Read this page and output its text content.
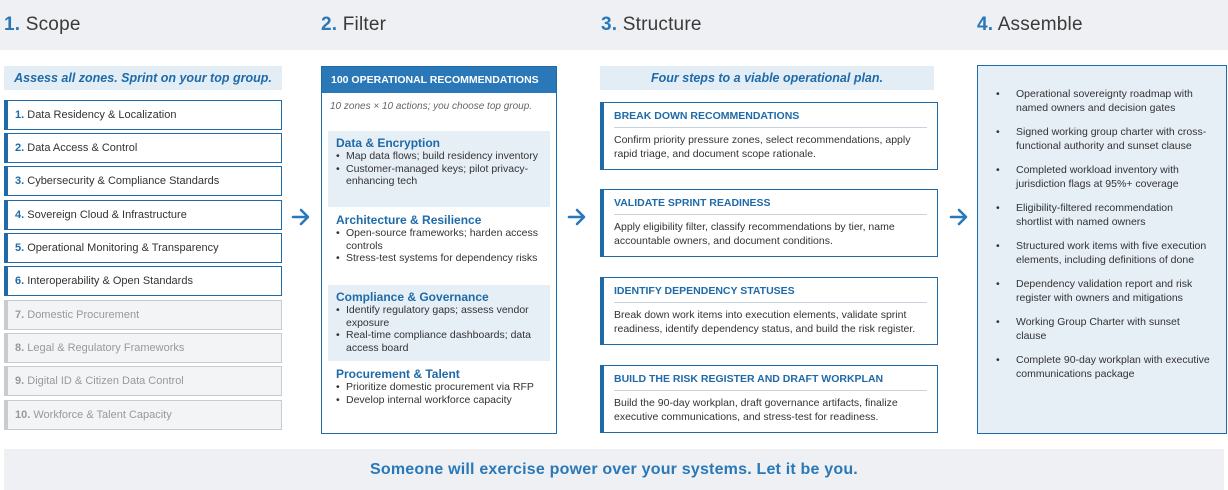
1. Scope	2. Filter	3. Structure	4. Assemble
Assess all zones. Sprint on your top group.
1. Data Residency & Localization
2. Data Access & Control
3. Cybersecurity & Compliance Standards
4. Sovereign Cloud & Infrastructure
5. Operational Monitoring & Transparency
6. Interoperability & Open Standards
7. Domestic Procurement
8. Legal & Regulatory Frameworks
9. Digital ID & Citizen Data Control
10. Workforce & Talent Capacity
100 OPERATIONAL RECOMMENDATIONS
10 zones × 10 actions; you choose top group.
Data & Encryption
• Map data flows; build residency inventory
• Customer-managed keys; pilot privacy-enhancing tech
Architecture & Resilience
• Open-source frameworks; harden access controls
• Stress-test systems for dependency risks
Compliance & Governance
• Identify regulatory gaps; assess vendor exposure
• Real-time compliance dashboards; data access board
Procurement & Talent
• Prioritize domestic procurement via RFP
• Develop internal workforce capacity
Four steps to a viable operational plan.
BREAK DOWN RECOMMENDATIONS
Confirm priority pressure zones, select recommendations, apply rapid triage, and document scope rationale.
VALIDATE SPRINT READINESS
Apply eligibility filter, classify recommendations by tier, name accountable owners, and document conditions.
IDENTIFY DEPENDENCY STATUSES
Break down work items into execution elements, validate sprint readiness, identify dependency status, and build the risk register.
BUILD THE RISK REGISTER AND DRAFT WORKPLAN
Build the 90-day workplan, draft governance artifacts, finalize executive communications, and stress-test for readiness.
• Operational sovereignty roadmap with named owners and decision gates
• Signed working group charter with cross-functional authority and sunset clause
• Completed workload inventory with jurisdiction flags at 95%+ coverage
• Eligibility-filtered recommendation shortlist with named owners
• Structured work items with five execution elements, including definitions of done
• Dependency validation report and risk register with owners and mitigations
• Working Group Charter with sunset clause
• Complete 90-day workplan with executive communications package
Someone will exercise power over your systems. Let it be you.
